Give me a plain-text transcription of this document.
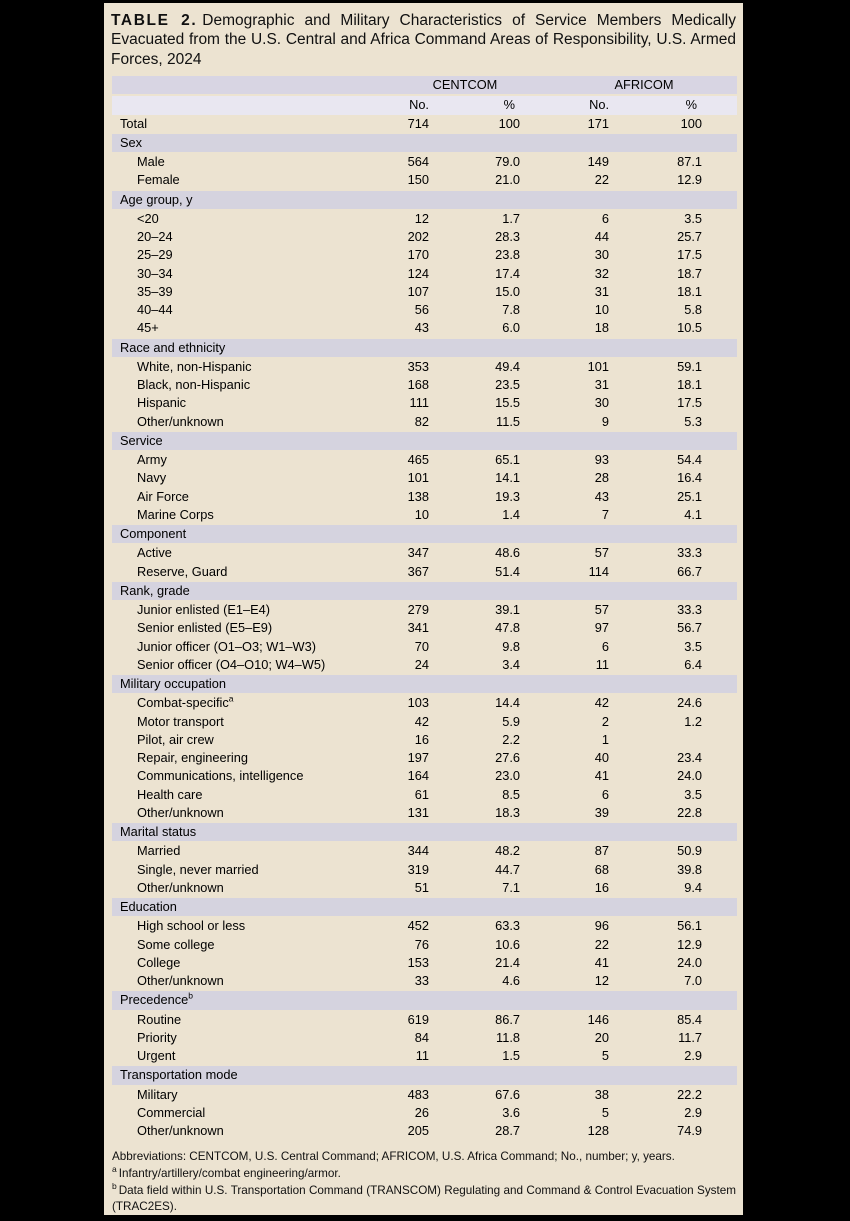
TABLE 2. Demographic and Military Characteristics of Service Members Medically Evacuated from the U.S. Central and Africa Command Areas of Responsibility, U.S. Armed Forces, 2024

	CENTCOM		AFRICOM	
	No.	%	No.	%
Total	714	100	171	100
Sex				
Male	564	79.0	149	87.1
Female	150	21.0	22	12.9
Age group, y				
<20	12	1.7	6	3.5
20–24	202	28.3	44	25.7
25–29	170	23.8	30	17.5
30–34	124	17.4	32	18.7
35–39	107	15.0	31	18.1
40–44	56	7.8	10	5.8
45+	43	6.0	18	10.5
Race and ethnicity				
White, non-Hispanic	353	49.4	101	59.1
Black, non-Hispanic	168	23.5	31	18.1
Hispanic	111	15.5	30	17.5
Other/unknown	82	11.5	9	5.3
Service				
Army	465	65.1	93	54.4
Navy	101	14.1	28	16.4
Air Force	138	19.3	43	25.1
Marine Corps	10	1.4	7	4.1
Component				
Active	347	48.6	57	33.3
Reserve, Guard	367	51.4	114	66.7
Rank, grade				
Junior enlisted (E1–E4)	279	39.1	57	33.3
Senior enlisted (E5–E9)	341	47.8	97	56.7
Junior officer (O1–O3; W1–W3)	70	9.8	6	3.5
Senior officer (O4–O10; W4–W5)	24	3.4	11	6.4
Military occupation				
Combat-specific$^a$	103	14.4	42	24.6
Motor transport	42	5.9	2	1.2
Pilot, air crew	16	2.2	1	
Repair, engineering	197	27.6	40	23.4
Communications, intelligence	164	23.0	41	24.0
Health care	61	8.5	6	3.5
Other/unknown	131	18.3	39	22.8
Marital status				
Married	344	48.2	87	50.9
Single, never married	319	44.7	68	39.8
Other/unknown	51	7.1	16	9.4
Education				
High school or less	452	63.3	96	56.1
Some college	76	10.6	22	12.9
College	153	21.4	41	24.0
Other/unknown	33	4.6	12	7.0
Precedence$^b$
Routine	619	86.7	146	85.4
Priority	84	11.8	20	11.7
Urgent	11	1.5	5	2.9
Transportation mode				
Military	483	67.6	38	22.2
Commercial	26	3.6	5	2.9
Other/unknown	205	28.7	128	74.9

Abbreviations: CENTCOM, U.S. Central Command; AFRICOM, U.S. Africa Command; No., number; y, years.

$^a$ Infantry/artillery/combat engineering/armor.

$^b$ Data field within U.S. Transportation Command (TRANSCOM) Regulating and Command & Control Evacuation System (TRAC2ES).
